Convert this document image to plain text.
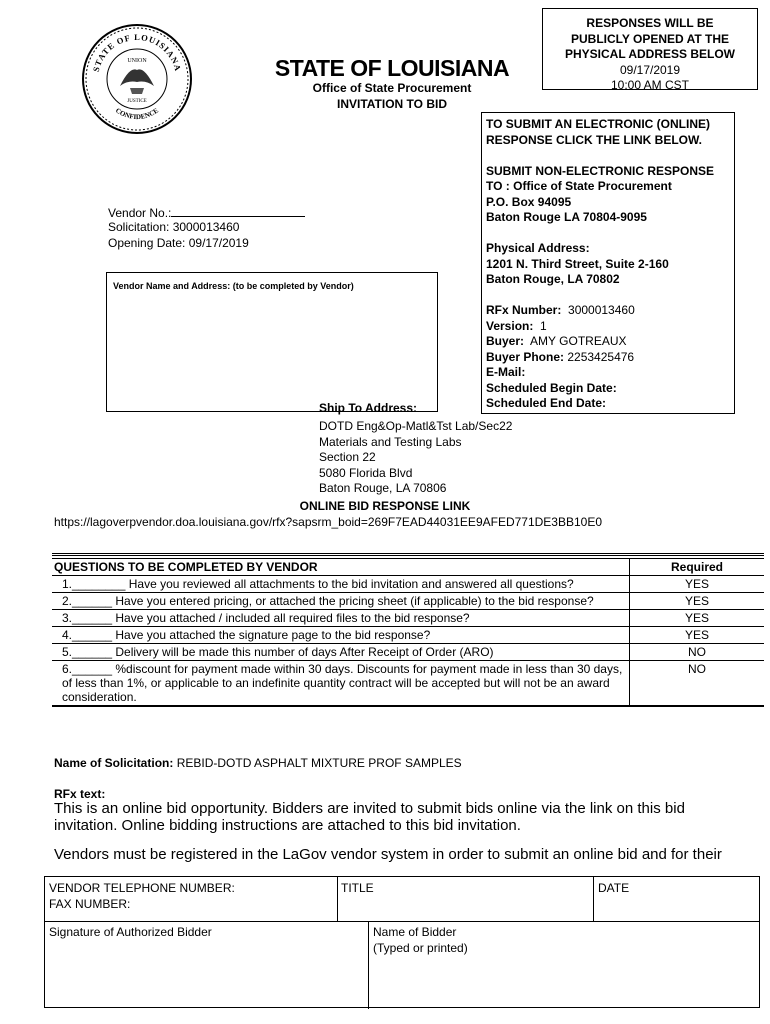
STATE OF LOUISIANA
CONFIDENCE
UNION
JUSTICE
STATE OF LOUISIANA
Office of State Procurement
INVITATION TO BID
RESPONSES WILL BE
PUBLICLY OPENED AT THE
PHYSICAL ADDRESS BELOW
09/17/2019
10:00 AM CST
Vendor No.:
Solicitation: 3000013460
Opening Date: 09/17/2019
Vendor Name and Address: (to be completed by Vendor)
TO SUBMIT AN ELECTRONIC (ONLINE)
RESPONSE CLICK THE LINK BELOW.
SUBMIT NON-ELECTRONIC RESPONSE
TO : Office of State Procurement
P.O. Box 94095
Baton Rouge LA 70804-9095
Physical Address:
1201 N. Third Street, Suite 2-160
Baton Rouge, LA 70802
RFx Number: 3000013460
Version: 1
Buyer: AMY GOTREAUX
Buyer Phone: 2253425476
E-Mail:
Scheduled Begin Date:
Scheduled End Date:
Ship To Address:
DOTD Eng&Op-Matl&Tst Lab/Sec22
Materials and Testing Labs
Section 22
5080 Florida Blvd
Baton Rouge, LA 70806
ONLINE BID RESPONSE LINK
https://lagoverpvendor.doa.louisiana.gov/rfx?sapsrm_boid=269F7EAD44031EE9AFED771DE3BB10E0
QUESTIONS TO BE COMPLETED BY VENDOR	Required
1.________ Have you reviewed all attachments to the bid invitation and answered all questions?	YES
2.______ Have you entered pricing, or attached the pricing sheet (if applicable) to the bid response?	YES
3.______ Have you attached / included all required files to the bid response?	YES
4.______ Have you attached the signature page to the bid response?	YES
5.______ Delivery will be made this number of days After Receipt of Order (ARO)	NO
6.______ %discount for payment made within 30 days. Discounts for payment made in less than 30 days, of less than 1%, or applicable to an indefinite quantity contract will be accepted but will not be an award consideration.	NO
Name of Solicitation: REBID-DOTD ASPHALT MIXTURE PROF SAMPLES
RFx text:
This is an online bid opportunity. Bidders are invited to submit bids online via the link on this bid invitation. Online bidding instructions are attached to this bid invitation.
Vendors must be registered in the LaGov vendor system in order to submit an online bid and for their
VENDOR TELEPHONE NUMBER:
FAX NUMBER:
TITLE	DATE
Signature of Authorized Bidder	Name of Bidder
(Typed or printed)
